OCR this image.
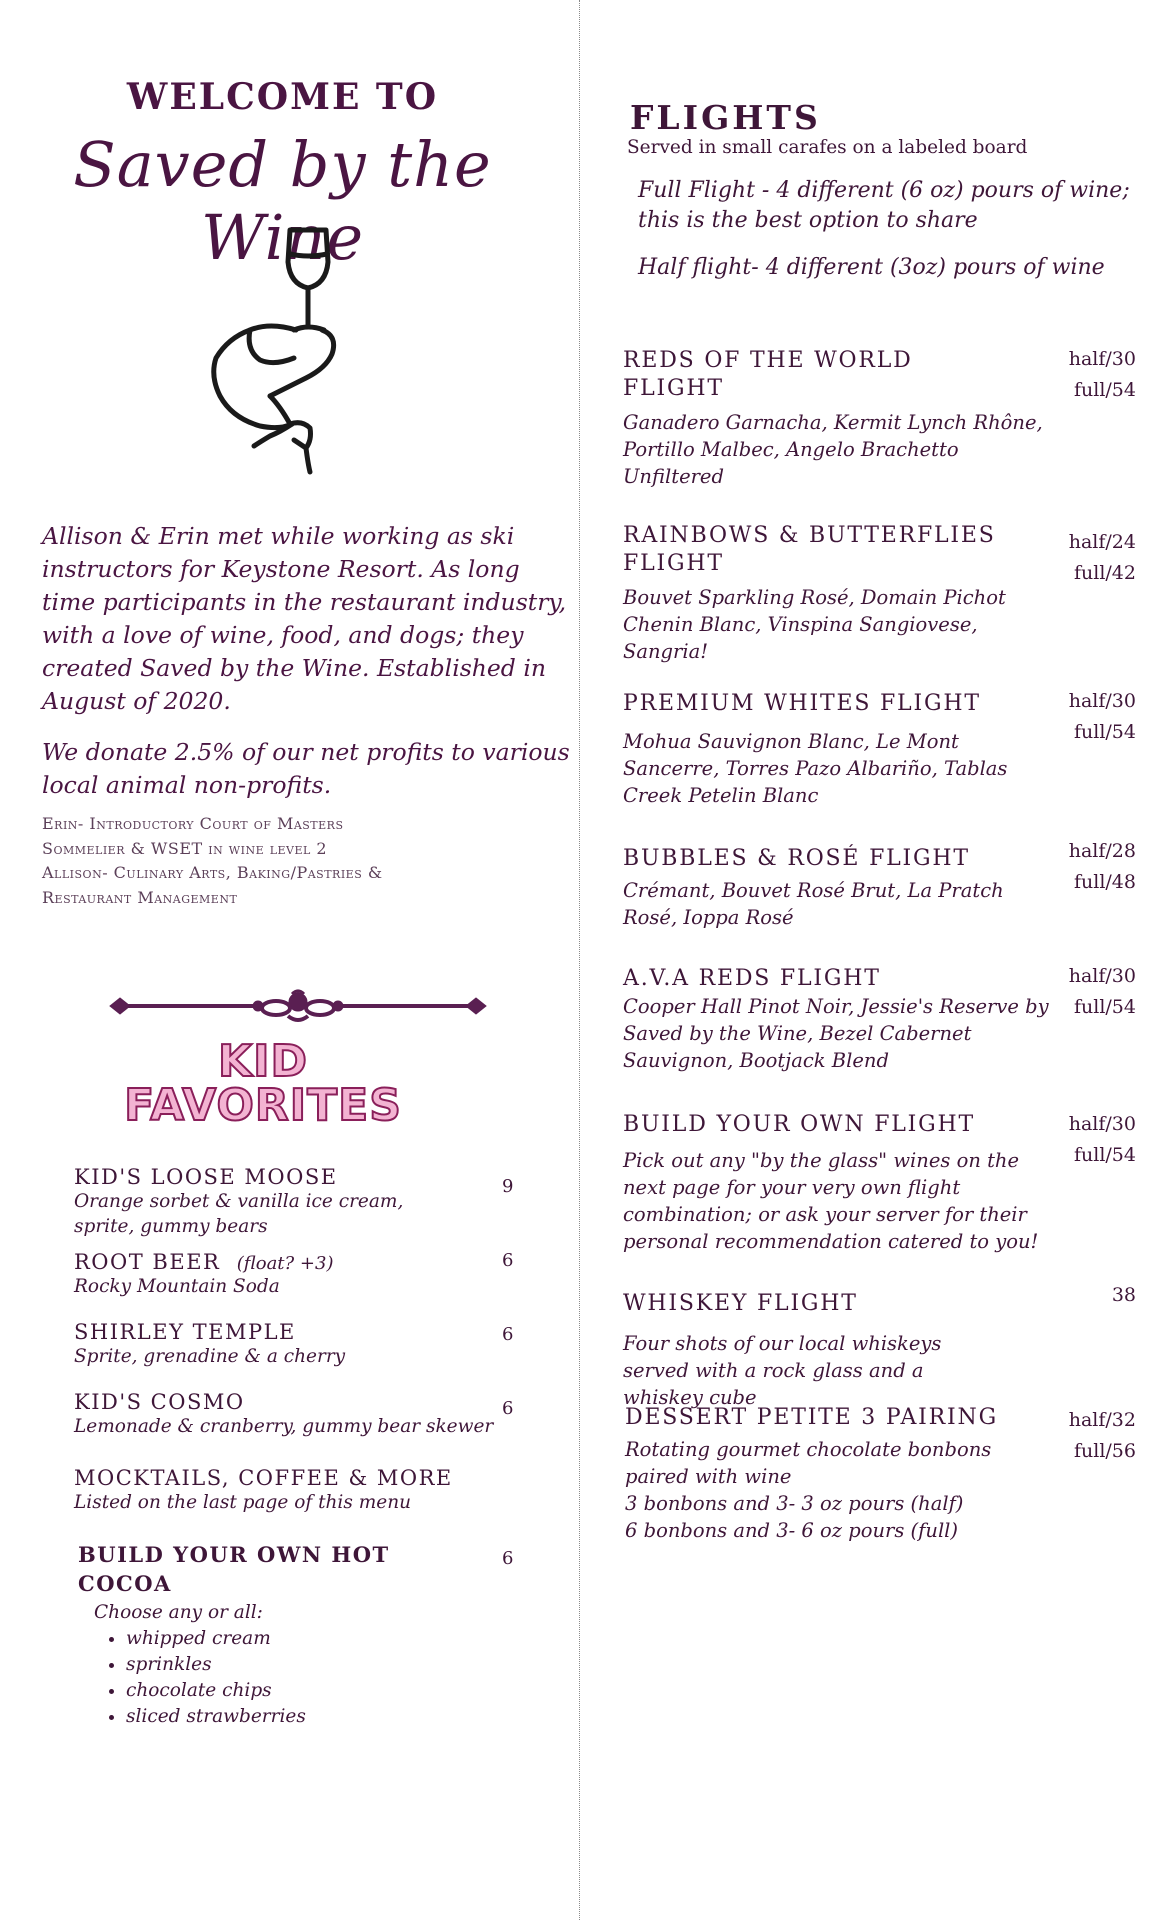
WELCOME TO
Saved by the Wine

Allison & Erin met while working as ski instructors for Keystone Resort. As long time participants in the restaurant industry, with a love of wine, food, and dogs; they created Saved by the Wine. Established in August of 2020.

We donate 2.5% of our net profits to various local animal non-profits.

Erin- Introductory Court of Masters
Sommelier & WSET in wine level 2
Allison- Culinary Arts, Baking/Pastries &
Restaurant Management
KID
FAVORITES
KID'S LOOSE MOOSE
Orange sorbet & vanilla ice cream, sprite, gummy bears
9
ROOT BEER (float? +3)
Rocky Mountain Soda
6
SHIRLEY TEMPLE
Sprite, grenadine & a cherry
6
KID'S COSMO
Lemonade & cranberry, gummy bear skewer
6
MOCKTAILS, COFFEE & MORE
Listed on the last page of this menu
BUILD YOUR OWN HOT COCOA
6
Choose any or all:
• whipped cream
• sprinkles
• chocolate chips
• sliced strawberries
FLIGHTS
Served in small carafes on a labeled board
Full Flight - 4 different (6 oz) pours of wine; this is the best option to share
Half flight- 4 different (3oz) pours of wine
REDS OF THE WORLD FLIGHT
Ganadero Garnacha, Kermit Lynch Rhône, Portillo Malbec, Angelo Brachetto Unfiltered
half/30
full/54
RAINBOWS & BUTTERFLIES FLIGHT
Bouvet Sparkling Rosé, Domain Pichot Chenin Blanc, Vinspina Sangiovese, Sangria!
half/24
full/42
PREMIUM WHITES FLIGHT
Mohua Sauvignon Blanc, Le Mont Sancerre, Torres Pazo Albariño, Tablas Creek Petelin Blanc
half/30
full/54
BUBBLES & ROSÉ FLIGHT
Crémant, Bouvet Rosé Brut, La Pratch Rosé, Ioppa Rosé
half/28
full/48
A.V.A REDS FLIGHT
Cooper Hall Pinot Noir, Jessie's Reserve by Saved by the Wine, Bezel Cabernet Sauvignon, Bootjack Blend
half/30
full/54
BUILD YOUR OWN FLIGHT
Pick out any "by the glass" wines on the next page for your very own flight combination; or ask your server for their personal recommendation catered to you!
half/30
full/54
WHISKEY FLIGHT
Four shots of our local whiskeys served with a rock glass and a whiskey cube
38
DESSERT PETITE 3 PAIRING
Rotating gourmet chocolate bonbons paired with wine
3 bonbons and 3- 3 oz pours (half)
6 bonbons and 3- 6 oz pours (full)
half/32
full/56
